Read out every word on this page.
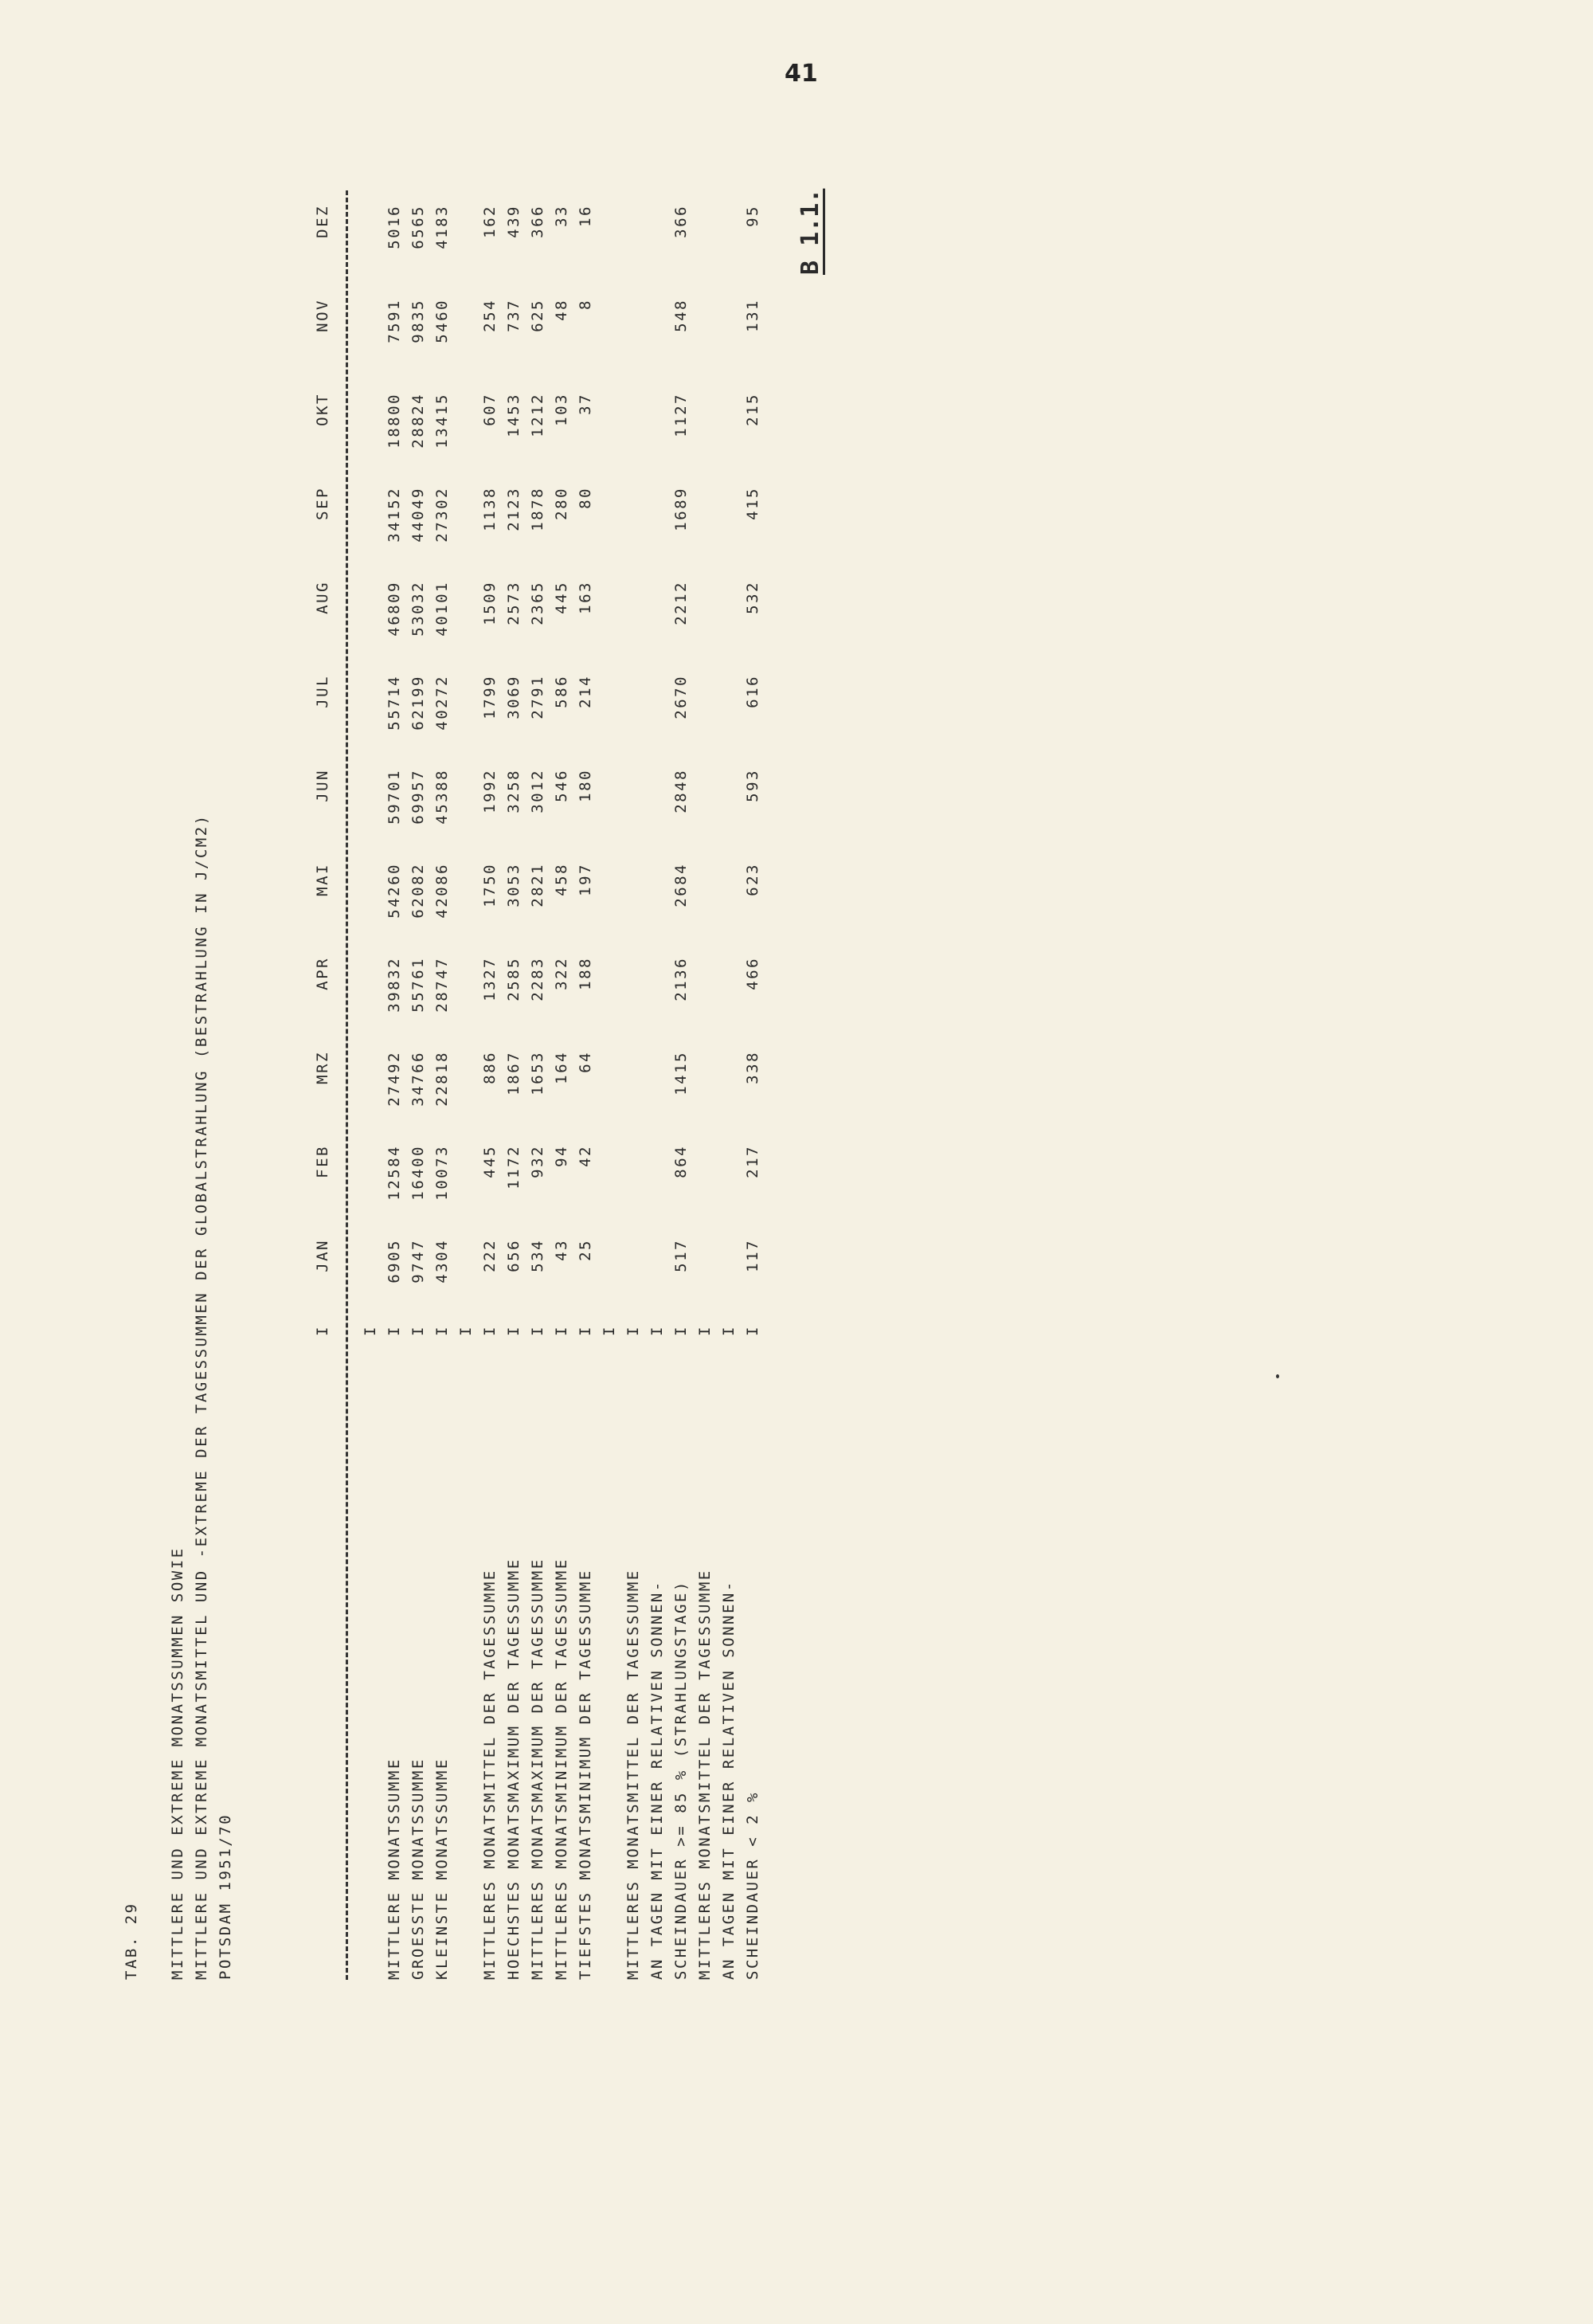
41
B 1.1.
TAB. 29 MITTLERE UND EXTREME MONATSSUMMEN SOWIE MITTLERE UND EXTREME MONATSMITTEL UND -EXTREME DER TAGESSUMMEN DER GLOBALSTRAHLUNG (BESTRAHLUNG IN J/CM2) POTSDAM 1951/70
I
JAN
FEB
MRZ
APR
MAI
JUN
JUL
AUG
SEP
OKT
NOV
DEZ
I
MITTLERE MONATSSUMME
I
6905
12584
27492
39832
54260
59701
55714
46809
34152
18800
7591
5016
GROESSTE MONATSSUMME
I
9747
16400
34766
55761
62082
69957
62199
53032
44049
28824
9835
6565
KLEINSTE MONATSSUMME
I
4304
10073
22818
28747
42086
45388
40272
40101
27302
13415
5460
4183
I
MITTLERES MONATSMITTEL DER TAGESSUMME
I
222
445
886
1327
1750
1992
1799
1509
1138
607
254
162
HOECHSTES MONATSMAXIMUM DER TAGESSUMME
I
656
1172
1867
2585
3053
3258
3069
2573
2123
1453
737
439
MITTLERES MONATSMAXIMUM DER TAGESSUMME
I
534
932
1653
2283
2821
3012
2791
2365
1878
1212
625
366
MITTLERES MONATSMINIMUM DER TAGESSUMME
I
43
94
164
322
458
546
586
445
280
103
48
33
TIEFSTES MONATSMINIMUM DER TAGESSUMME
I
25
42
64
188
197
180
214
163
80
37
8
16
I
MITTLERES MONATSMITTEL DER TAGESSUMME
I
AN TAGEN MIT EINER RELATIVEN SONNEN-
I
SCHEINDAUER >= 85 % (STRAHLUNGSTAGE)
I
517
864
1415
2136
2684
2848
2670
2212
1689
1127
548
366
MITTLERES MONATSMITTEL DER TAGESSUMME
I
AN TAGEN MIT EINER RELATIVEN SONNEN-
I
SCHEINDAUER < 2 %
I
117
217
338
466
623
593
616
532
415
215
131
95
